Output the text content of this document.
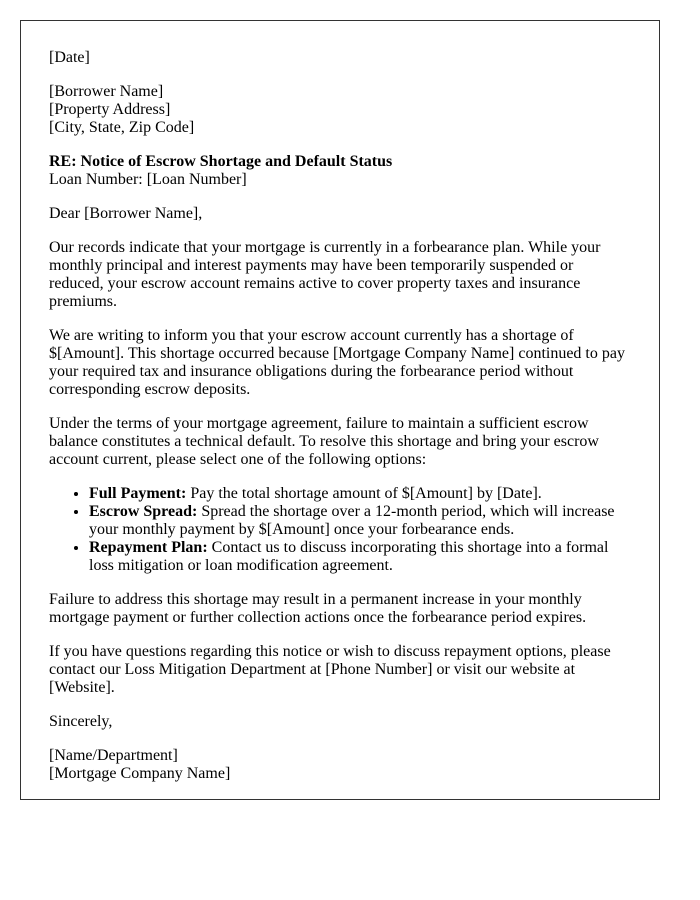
[Date]

[Borrower Name]
[Property Address]
[City, State, Zip Code]

RE: Notice of Escrow Shortage and Default Status
Loan Number: [Loan Number]

Dear [Borrower Name],

Our records indicate that your mortgage is currently in a forbearance plan. While your monthly principal and interest payments may have been temporarily suspended or reduced, your escrow account remains active to cover property taxes and insurance premiums.

We are writing to inform you that your escrow account currently has a shortage of $[Amount]. This shortage occurred because [Mortgage Company Name] continued to pay your required tax and insurance obligations during the forbearance period without corresponding escrow deposits.

Under the terms of your mortgage agreement, failure to maintain a sufficient escrow balance constitutes a technical default. To resolve this shortage and bring your escrow account current, please select one of the following options:

• Full Payment: Pay the total shortage amount of $[Amount] by [Date].
• Escrow Spread: Spread the shortage over a 12-month period, which will increase your monthly payment by $[Amount] once your forbearance ends.
• Repayment Plan: Contact us to discuss incorporating this shortage into a formal loss mitigation or loan modification agreement.

Failure to address this shortage may result in a permanent increase in your monthly mortgage payment or further collection actions once the forbearance period expires.

If you have questions regarding this notice or wish to discuss repayment options, please contact our Loss Mitigation Department at [Phone Number] or visit our website at [Website].

Sincerely,

[Name/Department]
[Mortgage Company Name]
